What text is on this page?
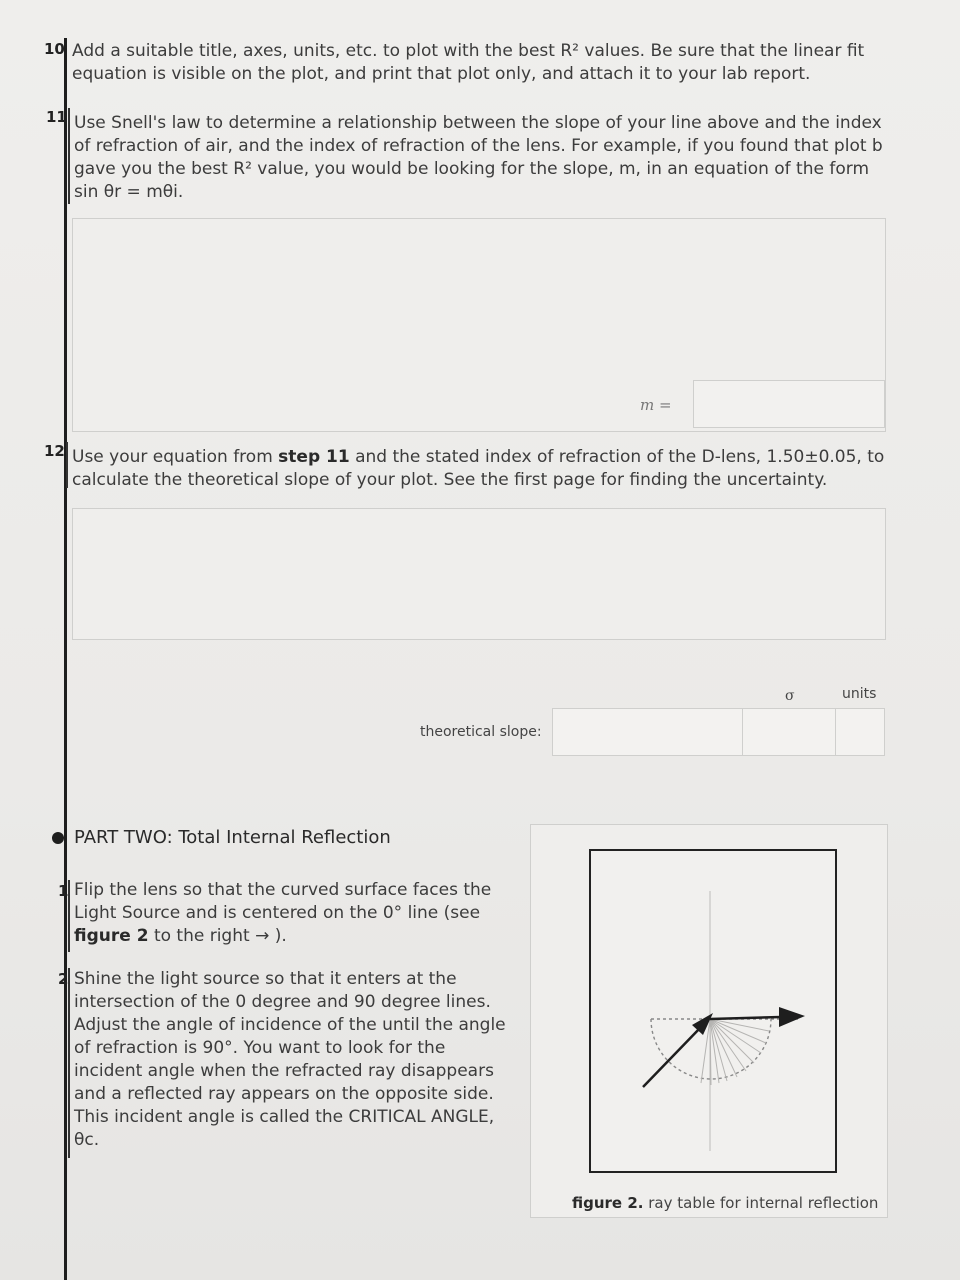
10 Add a suitable title, axes, units, etc. to plot with the best R² values. Be sure that the linear fit equation is visible on the plot, and print that plot only, and attach it to your lab report.
11 Use Snell's law to determine a relationship between the slope of your line above and the index of refraction of air, and the index of refraction of the lens. For example, if you found that plot b gave you the best R² value, you would be looking for the slope, m, in an equation of the form sin θr = mθi.
m =
12 Use your equation from step 11 and the stated index of refraction of the D-lens, 1.50±0.05, to calculate the theoretical slope of your plot. See the first page for finding the uncertainty.
σ	units
theoretical slope:
PART TWO: Total Internal Reflection
1 Flip the lens so that the curved surface faces the Light Source and is centered on the 0° line (see figure 2 to the right → ).
2 Shine the light source so that it enters at the intersection of the 0 degree and 90 degree lines. Adjust the angle of incidence of the until the angle of refraction is 90°. You want to look for the incident angle when the refracted ray disappears and a reflected ray appears on the opposite side. This incident angle is called the CRITICAL ANGLE, θc.
figure 2. ray table for internal reflection
